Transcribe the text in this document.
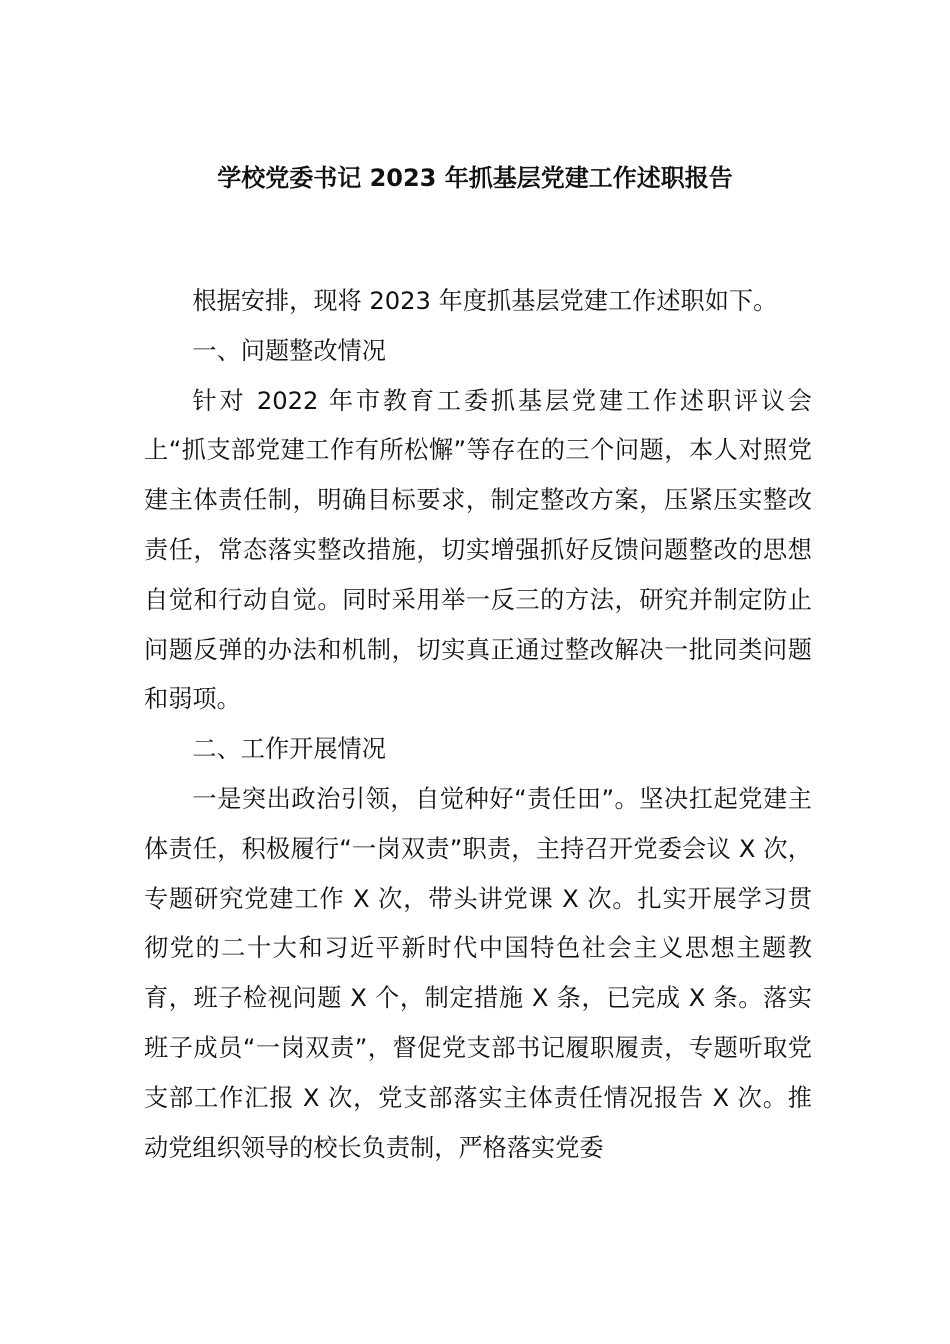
学校党委书记 2023 年抓基层党建工作述职报告

根据安排，现将 2023 年度抓基层党建工作述职如下。

一、问题整改情况

针对 2022 年市教育工委抓基层党建工作述职评议会上“抓支部党建工作有所松懈”等存在的三个问题，本人对照党建主体责任制，明确目标要求，制定整改方案，压紧压实整改责任，常态落实整改措施，切实增强抓好反馈问题整改的思想自觉和行动自觉。同时采用举一反三的方法，研究并制定防止问题反弹的办法和机制，切实真正通过整改解决一批同类问题和弱项。

二、工作开展情况

一是突出政治引领，自觉种好“责任田”。坚决扛起党建主体责任，积极履行“一岗双责”职责，主持召开党委会议 X 次，专题研究党建工作 X 次，带头讲党课 X 次。扎实开展学习贯彻党的二十大和习近平新时代中国特色社会主义思想主题教育，班子检视问题 X 个，制定措施 X 条，已完成 X 条。落实班子成员“一岗双责”，督促党支部书记履职履责，专题听取党支部工作汇报 X 次，党支部落实主体责任情况报告 X 次。推动党组织领导的校长负责制，严格落实党委
